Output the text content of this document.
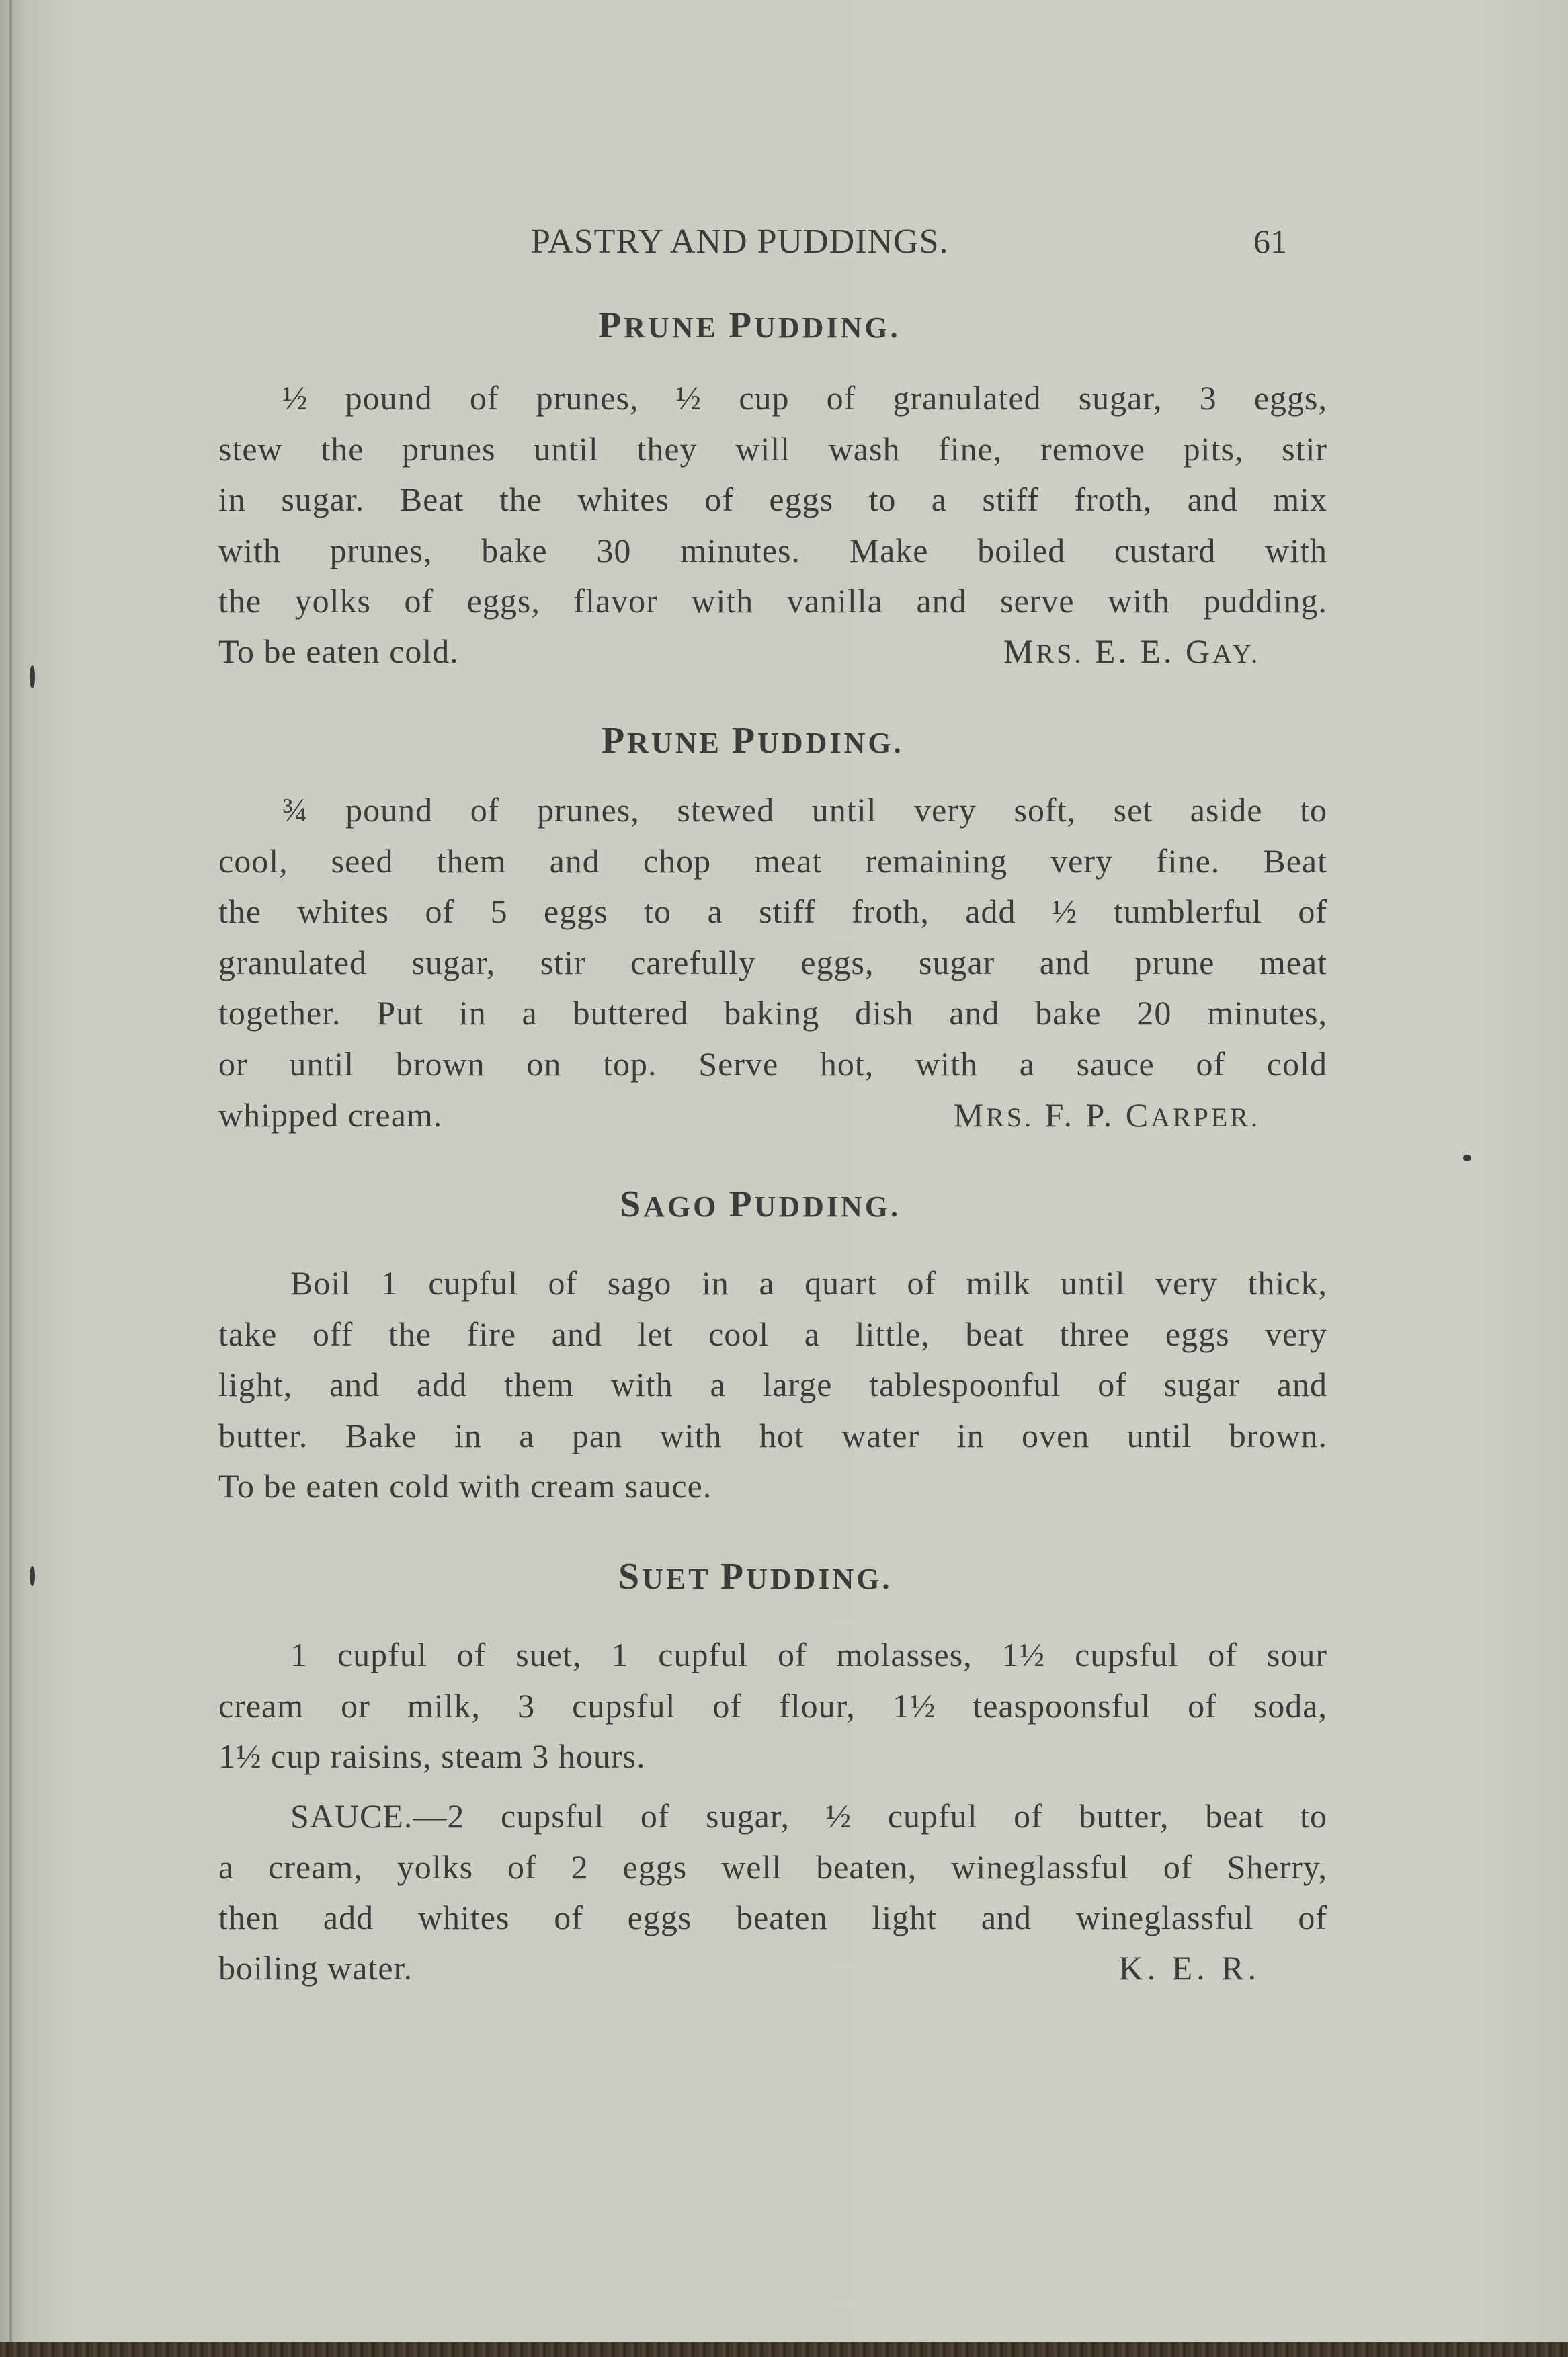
PASTRY AND PUDDINGS.	61
PRUNE PUDDING.
½ pound of prunes, ½ cup of granulated sugar, 3 eggs,
stew the prunes until they will wash fine, remove pits, stir
in sugar. Beat the whites of eggs to a stiff froth, and mix
with prunes, bake 30 minutes. Make boiled custard with
the yolks of eggs, flavor with vanilla and serve with pudding.
To be eaten cold.	MRS. E. E. GAY.
PRUNE PUDDING.
¾ pound of prunes, stewed until very soft, set aside to
cool, seed them and chop meat remaining very fine. Beat
the whites of 5 eggs to a stiff froth, add ½ tumblerful of
granulated sugar, stir carefully eggs, sugar and prune meat
together. Put in a buttered baking dish and bake 20 minutes,
or until brown on top. Serve hot, with a sauce of cold
whipped cream.	MRS. F. P. CARPER.
SAGO PUDDING.
Boil 1 cupful of sago in a quart of milk until very thick,
take off the fire and let cool a little, beat three eggs very
light, and add them with a large tablespoonful of sugar and
butter. Bake in a pan with hot water in oven until brown.
To be eaten cold with cream sauce.
SUET PUDDING.
1 cupful of suet, 1 cupful of molasses, 1½ cupsful of sour
cream or milk, 3 cupsful of flour, 1½ teaspoonsful of soda,
1½ cup raisins, steam 3 hours.
SAUCE.—2 cupsful of sugar, ½ cupful of butter, beat to
a cream, yolks of 2 eggs well beaten, wineglassful of Sherry,
then add whites of eggs beaten light and wineglassful of
boiling water.	K. E. R.
